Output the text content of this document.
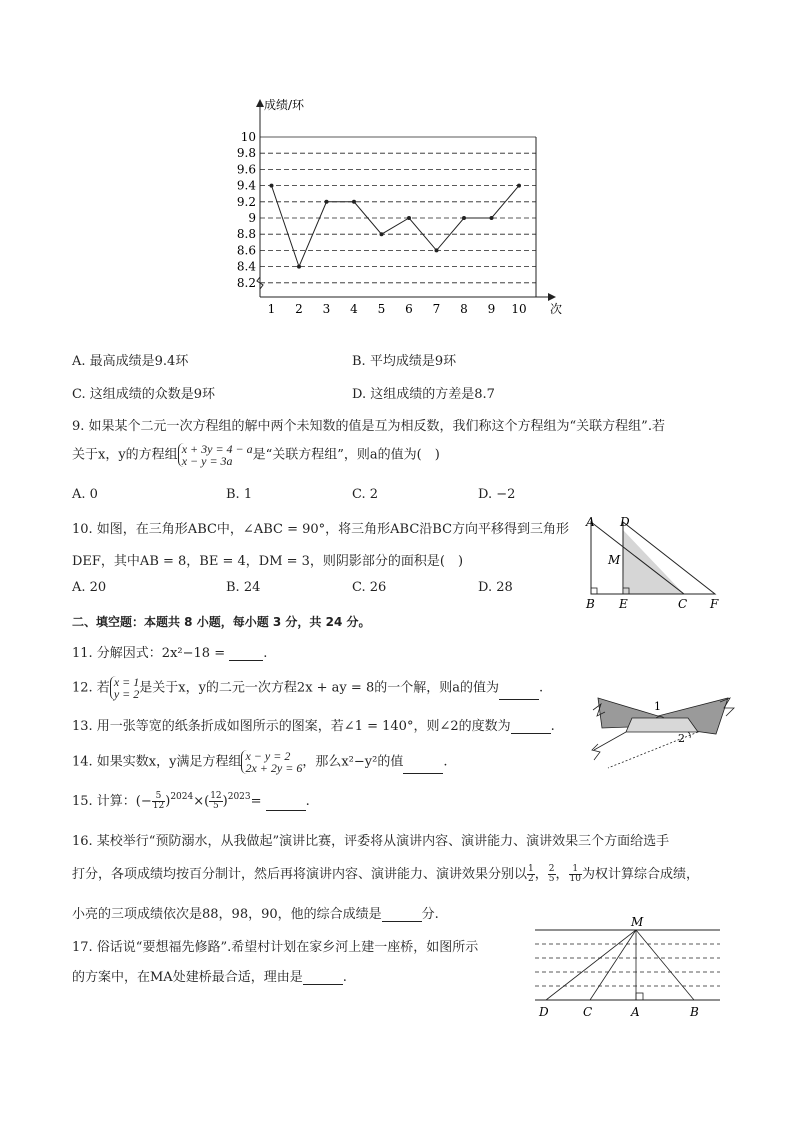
成绩/环
次
8.2
8.4
8.6
8.8
9
9.2
9.4
9.6
9.8
10
1 2 3 4 5 6 7 8 9 10
A. 最高成绩是9.4环	B. 平均成绩是9环
C. 这组成绩的众数是9环	D. 这组成绩的方差是8.7
9. 如果某个二元一次方程组的解中两个未知数的值是互为相反数，我们称这个方程组为“关联方程组”.若
关于x，y的方程组 x + 3y = 4 − a
x − y = 3a	是“关联方程组”，则a的值为(　)
A. 0	B. 1	C. 2	D. −2
10. 如图，在三角形ABC中，∠ABC = 90°，将三角形ABC沿BC方向平移得到三角形
DEF，其中AB = 8，BE = 4，DM = 3，则阴影部分的面积是(　)
A. 20	B. 24	C. 26	D. 28
A D
M
B E	C F
二、填空题：本题共 8 小题，每小题 3 分，共 24 分。
11. 分解因式：2x²−18 =	.
12. 若 x = 1
y = 2 是关于x，y的二元一次方程2x + ay = 8的一个解，则a的值为	.
13. 用一张等宽的纸条折成如图所示的图案，若∠1 = 140°，则∠2的度数为	.
1
2
14. 如果实数x，y满足方程组 x − y = 2
2x + 2y = 6 ，那么x²−y²的值	.
15. 计算：(− $\frac{5}{12} )^{2024}\times( \frac{12}{5} )^{2023}=$	.
16. 某校举行“预防溺水，从我做起”演讲比赛，评委将从演讲内容、演讲能力、演讲效果三个方面给选手
打分，各项成绩均按百分制计，然后再将演讲内容、演讲能力、演讲效果分别以 $\frac{1}{2}$ ， $\frac{2}{5}$ ， $\frac{1}{10}$ 为权计算综合成绩，
小亮的三项成绩依次是88，98，90，他的综合成绩是	分.
17. 俗话说“要想福先修路”.希望村计划在家乡河上建一座桥，如图所示
的方案中，在MA处建桥最合适，理由是	.
M
D	C	A	B
